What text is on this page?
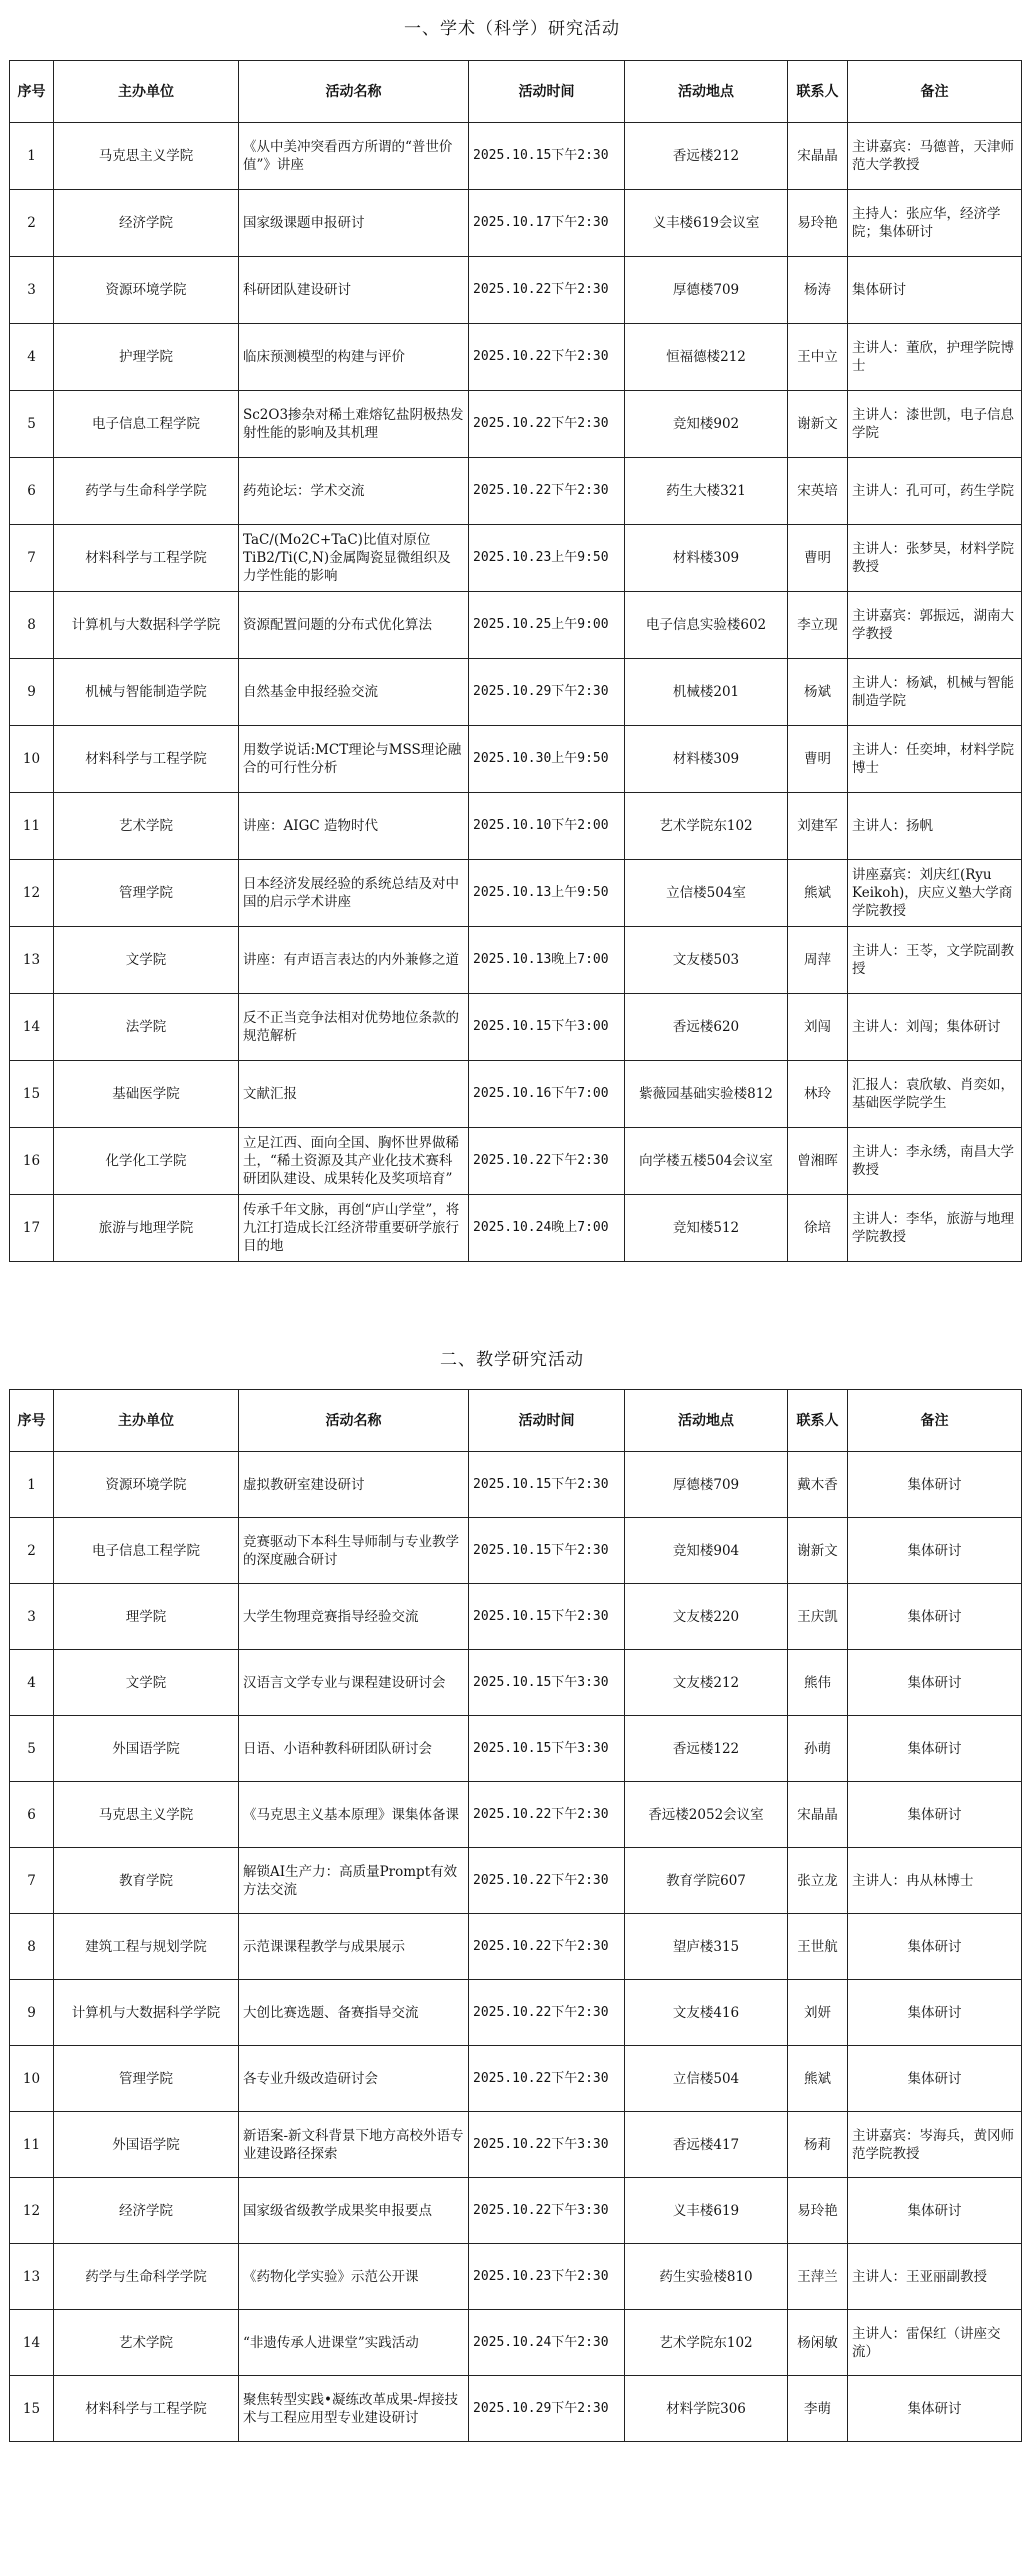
一、学术（科学）研究活动
序号	主办单位	活动名称	活动时间	活动地点	联系人	备注
1	马克思主义学院	《从中美冲突看西方所谓的“普世价值”》讲座	2025.10.15下午2:30	香远楼212	宋晶晶	主讲嘉宾：马德普，天津师范大学教授
2	经济学院	国家级课题申报研讨	2025.10.17下午2:30	义丰楼619会议室	易玲艳	主持人：张应华，经济学院；集体研讨
3	资源环境学院	科研团队建设研讨	2025.10.22下午2:30	厚德楼709	杨涛	集体研讨
4	护理学院	临床预测模型的构建与评价	2025.10.22下午2:30	恒福德楼212	王中立	主讲人：董欣，护理学院博士
5	电子信息工程学院	Sc2O3掺杂对稀土难熔钇盐阴极热发射性能的影响及其机理	2025.10.22下午2:30	竞知楼902	谢新文	主讲人：漆世凯，电子信息学院
6	药学与生命科学学院	药苑论坛：学术交流	2025.10.22下午2:30	药生大楼321	宋英培	主讲人：孔可可，药生学院
7	材料科学与工程学院	TaC/(Mo2C+TaC)比值对原位TiB2/Ti(C,N)金属陶瓷显微组织及力学性能的影响	2025.10.23上午9:50	材料楼309	曹明	主讲人：张梦昊，材料学院教授
8	计算机与大数据科学学院	资源配置问题的分布式优化算法	2025.10.25上午9:00	电子信息实验楼602	李立现	主讲嘉宾：郭振远，湖南大学教授
9	机械与智能制造学院	自然基金申报经验交流	2025.10.29下午2:30	机械楼201	杨斌	主讲人：杨斌，机械与智能制造学院
10	材料科学与工程学院	用数学说话:MCT理论与MSS理论融合的可行性分析	2025.10.30上午9:50	材料楼309	曹明	主讲人：任奕坤，材料学院博士
11	艺术学院	讲座：AIGC 造物时代	2025.10.10下午2:00	艺术学院东102	刘建军	主讲人：扬帆
12	管理学院	日本经济发展经验的系统总结及对中国的启示学术讲座	2025.10.13上午9:50	立信楼504室	熊斌	讲座嘉宾：刘庆红(Ryu Keikoh)，庆应义塾大学商学院教授
13	文学院	讲座：有声语言表达的内外兼修之道	2025.10.13晚上7:00	文友楼503	周萍	主讲人：王苓，文学院副教授
14	法学院	反不正当竞争法相对优势地位条款的规范解析	2025.10.15下午3:00	香远楼620	刘闯	主讲人：刘闯；集体研讨
15	基础医学院	文献汇报	2025.10.16下午7:00	紫薇园基础实验楼812	林玲	汇报人：袁欣敏、肖奕如，基础医学院学生
16	化学化工学院	立足江西、面向全国、胸怀世界做稀土，“稀土资源及其产业化技术赛科研团队建设、成果转化及奖项培育”	2025.10.22下午2:30	向学楼五楼504会议室	曾湘晖	主讲人：李永绣，南昌大学教授
17	旅游与地理学院	传承千年文脉，再创“庐山学堂”，将九江打造成长江经济带重要研学旅行目的地	2025.10.24晚上7:00	竞知楼512	徐培	主讲人：李华，旅游与地理学院教授
二、教学研究活动
序号	主办单位	活动名称	活动时间	活动地点	联系人	备注
1	资源环境学院	虚拟教研室建设研讨	2025.10.15下午2:30	厚德楼709	戴木香	集体研讨
2	电子信息工程学院	竞赛驱动下本科生导师制与专业教学的深度融合研讨	2025.10.15下午2:30	竞知楼904	谢新文	集体研讨
3	理学院	大学生物理竞赛指导经验交流	2025.10.15下午2:30	文友楼220	王庆凯	集体研讨
4	文学院	汉语言文学专业与课程建设研讨会	2025.10.15下午3:30	文友楼212	熊伟	集体研讨
5	外国语学院	日语、小语种教科研团队研讨会	2025.10.15下午3:30	香远楼122	孙萌	集体研讨
6	马克思主义学院	《马克思主义基本原理》课集体备课	2025.10.22下午2:30	香远楼2052会议室	宋晶晶	集体研讨
7	教育学院	解锁AI生产力：高质量Prompt有效方法交流	2025.10.22下午2:30	教育学院607	张立龙	主讲人：冉从林博士
8	建筑工程与规划学院	示范课课程教学与成果展示	2025.10.22下午2:30	望庐楼315	王世航	集体研讨
9	计算机与大数据科学学院	大创比赛选题、备赛指导交流	2025.10.22下午2:30	文友楼416	刘妍	集体研讨
10	管理学院	各专业升级改造研讨会	2025.10.22下午2:30	立信楼504	熊斌	集体研讨
11	外国语学院	新语案-新文科背景下地方高校外语专业建设路径探索	2025.10.22下午3:30	香远楼417	杨莉	主讲嘉宾：岑海兵，黄冈师范学院教授
12	经济学院	国家级省级教学成果奖申报要点	2025.10.22下午3:30	义丰楼619	易玲艳	集体研讨
13	药学与生命科学学院	《药物化学实验》示范公开课	2025.10.23下午2:30	药生实验楼810	王萍兰	主讲人：王亚丽副教授
14	艺术学院	“非遗传承人进课堂”实践活动	2025.10.24下午2:30	艺术学院东102	杨闲敏	主讲人：雷保红（讲座交流）
15	材料科学与工程学院	聚焦转型实践•凝练改革成果-焊接技术与工程应用型专业建设研讨	2025.10.29下午2:30	材料学院306	李萌	集体研讨
